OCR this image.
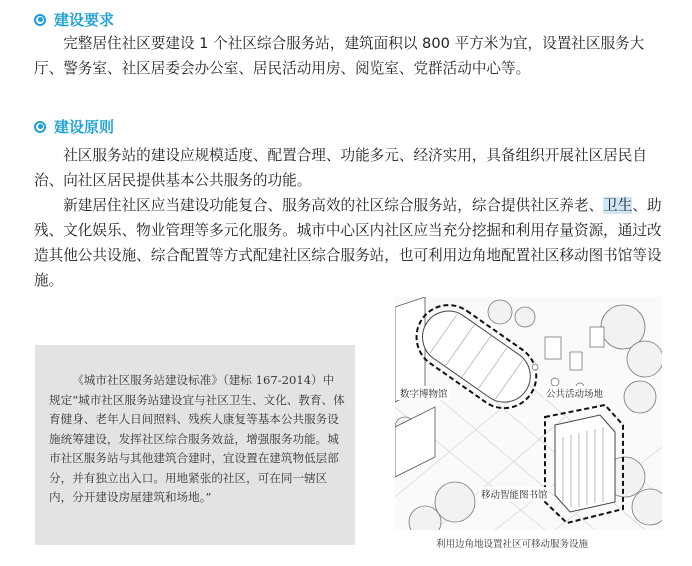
建设要求

完整居住社区要建设 1 个社区综合服务站，建筑面积以 800 平方米为宜，设置社区服务大厅、警务室、社区居委会办公室、居民活动用房、阅览室、党群活动中心等。

建设原则

社区服务站的建设应规模适度、配置合理、功能多元、经济实用，具备组织开展社区居民自治、向社区居民提供基本公共服务的功能。

新建居住社区应当建设功能复合、服务高效的社区综合服务站，综合提供社区养老、卫生、助残、文化娱乐、物业管理等多元化服务。城市中心区内社区应当充分挖掘和利用存量资源，通过改造其他公共设施、综合配置等方式配建社区综合服务站，也可利用边角地配置社区移动图书馆等设施。

《城市社区服务站建设标准》（建标 167-2014）中规定“城市社区服务站建设宜与社区卫生、文化、教育、体育健身、老年人日间照料、残疾人康复等基本公共服务设施统筹建设，发挥社区综合服务效益，增强服务功能。城市社区服务站与其他建筑合建时，宜设置在建筑物低层部分，并有独立出入口。用地紧张的社区，可在同一辖区内，分开建设房屋建筑和场地。”

数字博物馆	公共活动场地
移动智能图书馆
利用边角地设置社区可移动服务设施
